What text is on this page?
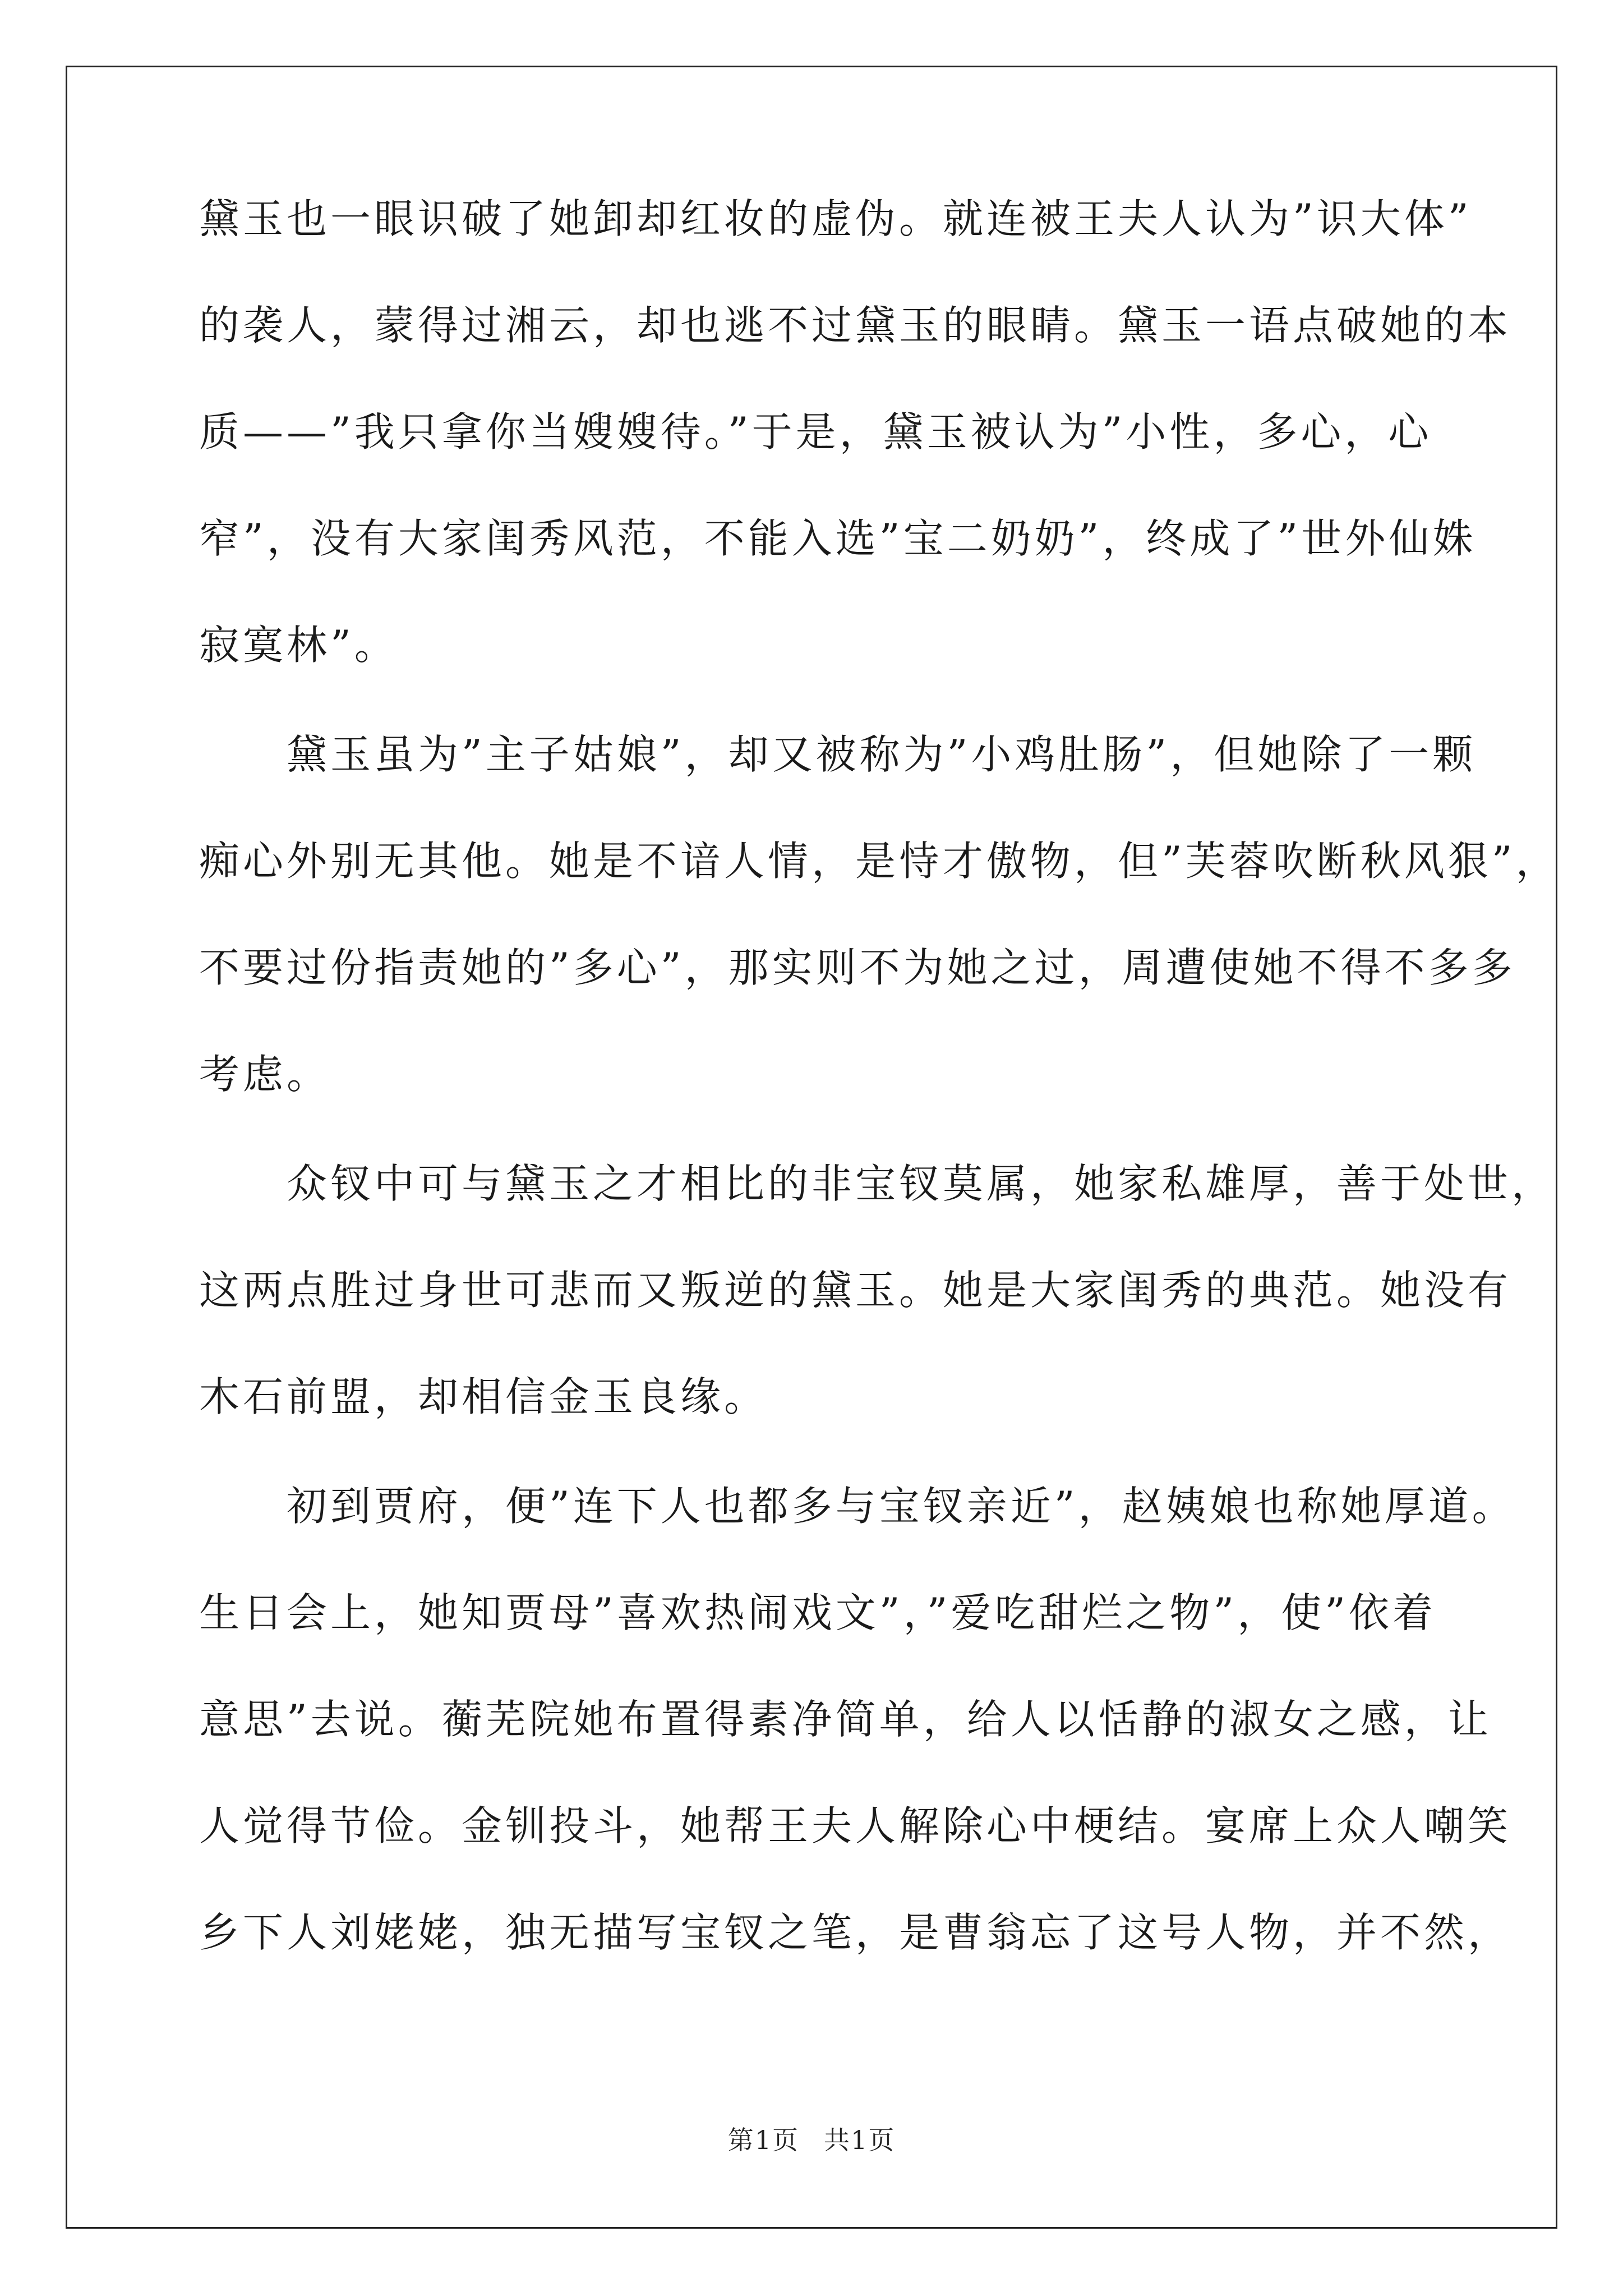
黛玉也一眼识破了她卸却红妆的虚伪。就连被王夫人认为”识大体”
的袭人，蒙得过湘云，却也逃不过黛玉的眼睛。黛玉一语点破她的本
质——”我只拿你当嫂嫂待。”于是，黛玉被认为”小性，多心，心
窄”，没有大家闺秀风范，不能入选”宝二奶奶”，终成了”世外仙姝
寂寞林”。
　　黛玉虽为”主子姑娘”，却又被称为”小鸡肚肠”，但她除了一颗
痴心外别无其他。她是不谙人情，是恃才傲物，但”芙蓉吹断秋风狠”，
不要过份指责她的”多心”，那实则不为她之过，周遭使她不得不多多
考虑。
　　众钗中可与黛玉之才相比的非宝钗莫属，她家私雄厚，善于处世，
这两点胜过身世可悲而又叛逆的黛玉。她是大家闺秀的典范。她没有
木石前盟，却相信金玉良缘。
　　初到贾府，便”连下人也都多与宝钗亲近”，赵姨娘也称她厚道。
生日会上，她知贾母”喜欢热闹戏文”，”爱吃甜烂之物”，使”依着
意思”去说。蘅芜院她布置得素净简单，给人以恬静的淑女之感，让
人觉得节俭。金钏投斗，她帮王夫人解除心中梗结。宴席上众人嘲笑
乡下人刘姥姥，独无描写宝钗之笔，是曹翁忘了这号人物，并不然，
第1页 共1页
